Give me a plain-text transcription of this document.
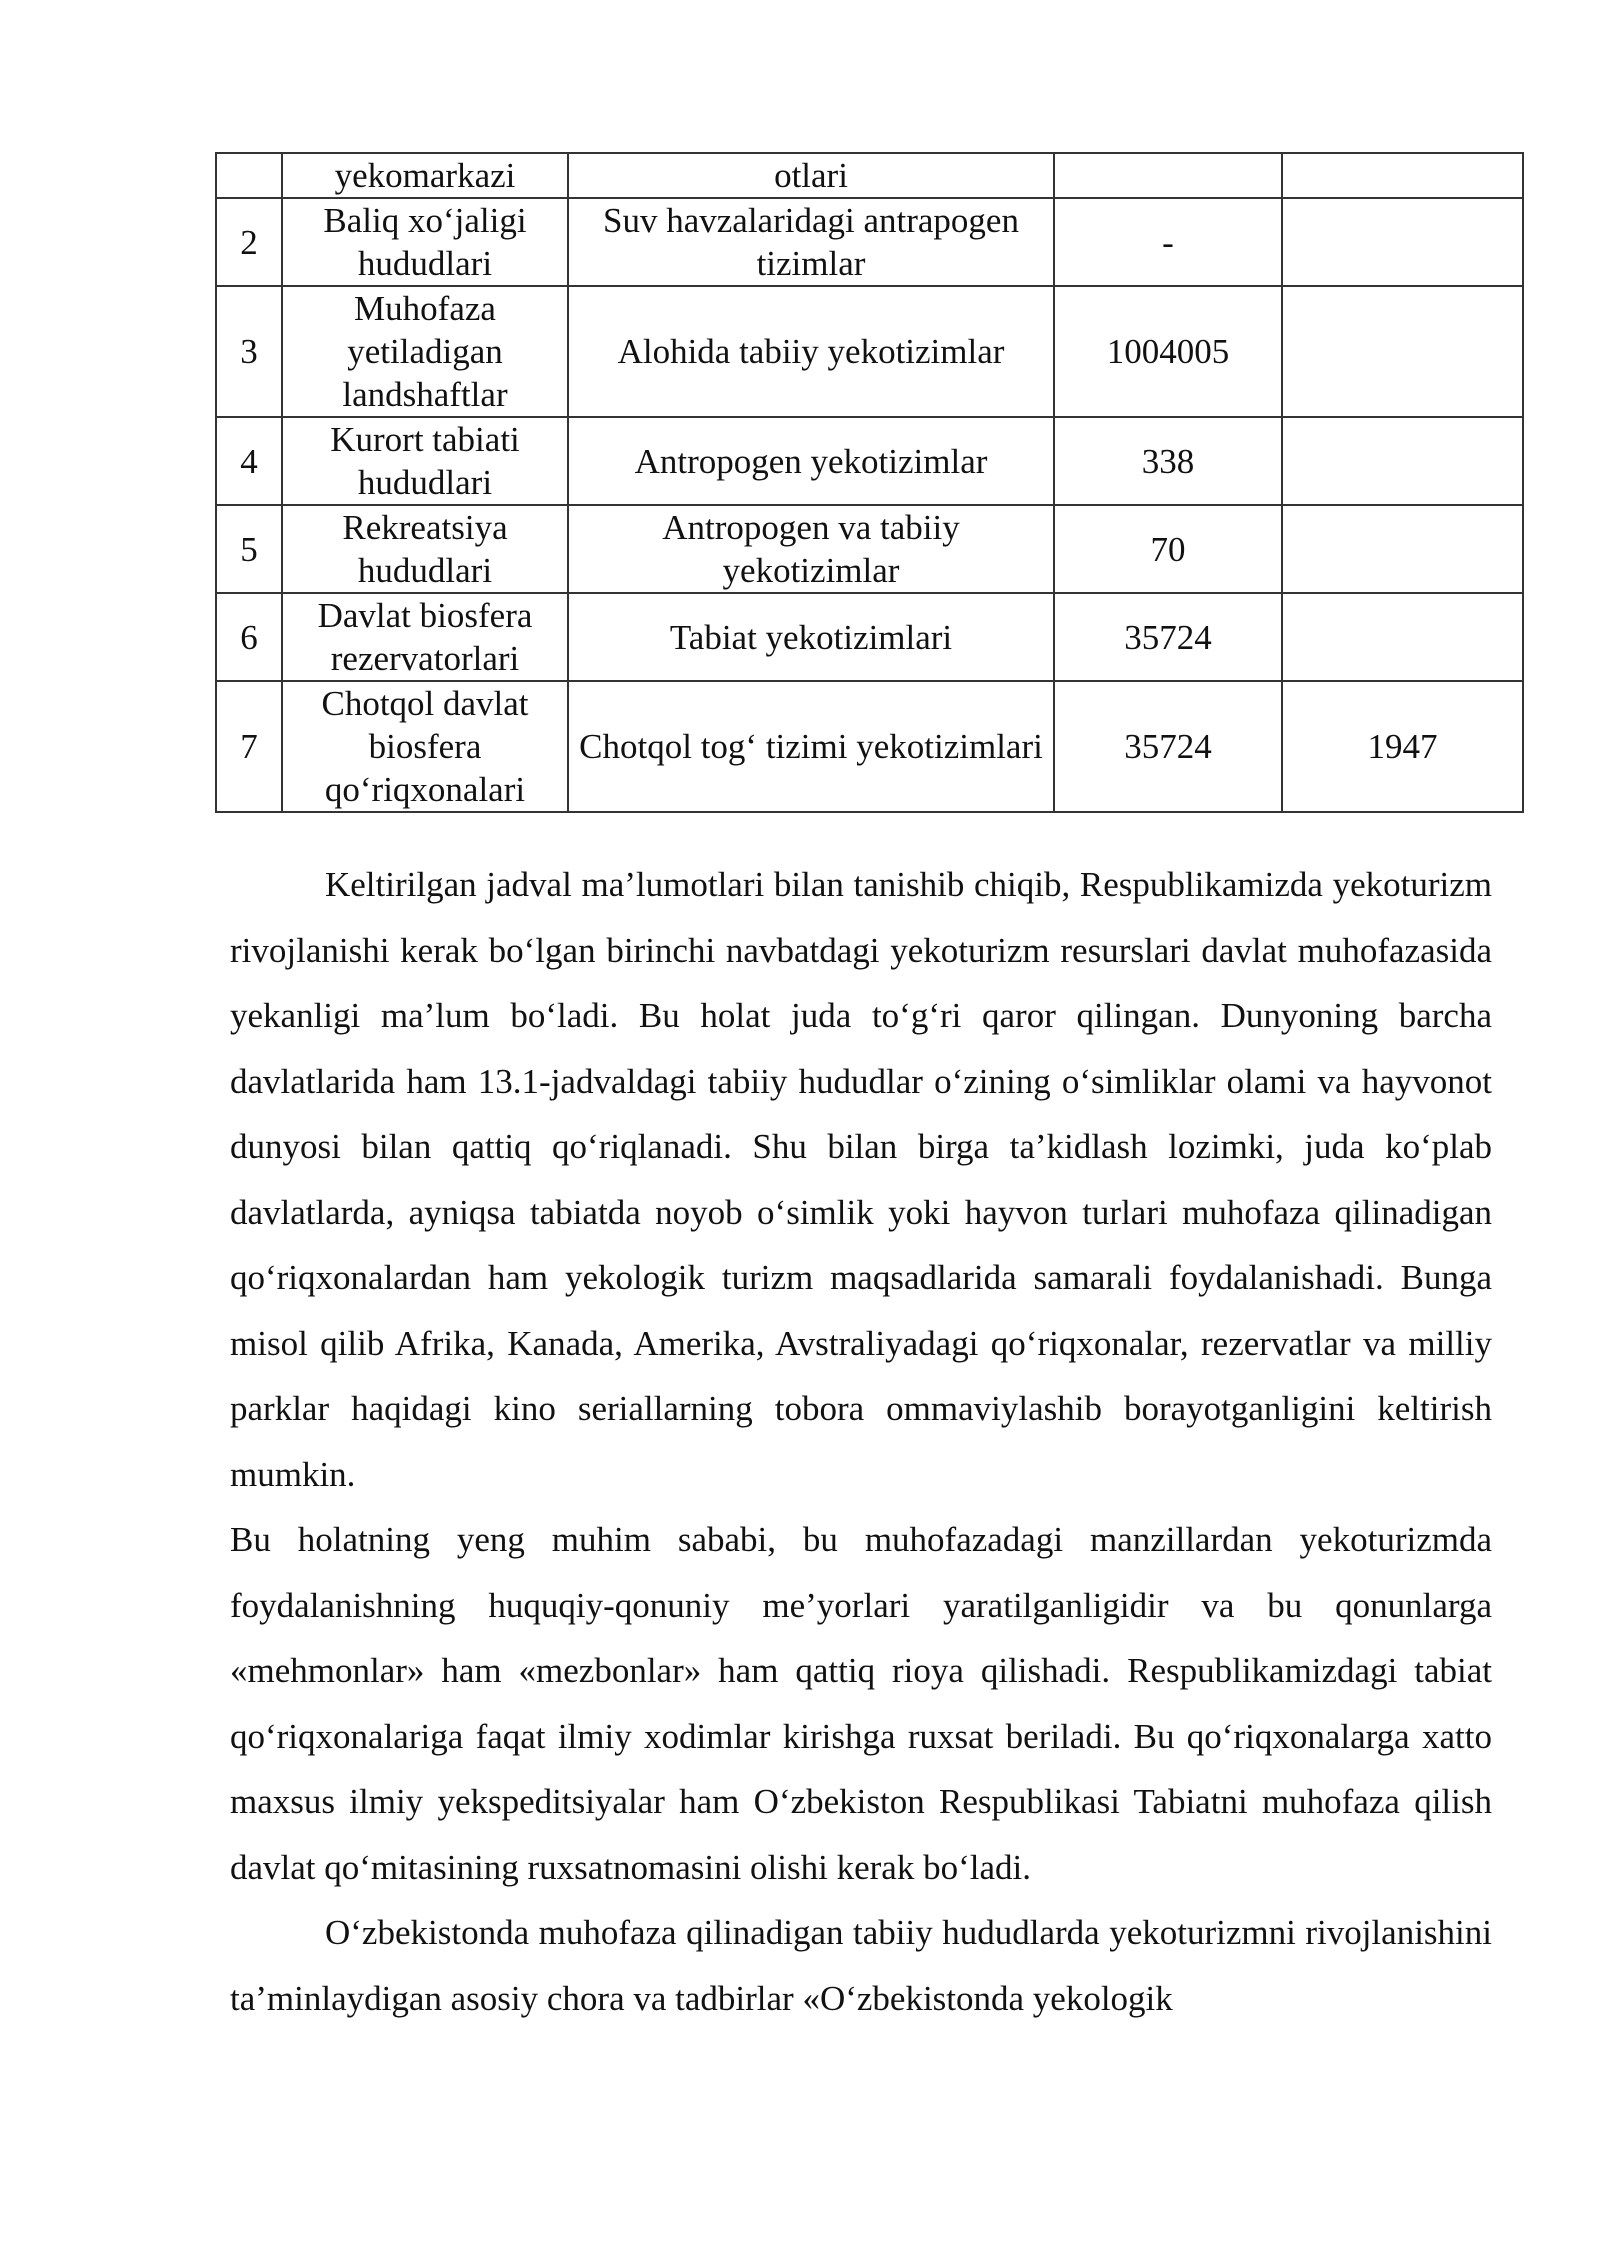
	yekomarkazi	otlari		
2	Baliq xo‘jaligi hududlari	Suv havzalaridagi antrapogen tizimlar	-	
3	Muhofaza yetiladigan landshaftlar	Alohida tabiiy yekotizimlar	1004005	
4	Kurort tabiati hududlari	Antropogen yekotizimlar	338	
5	Rekreatsiya hududlari	Antropogen va tabiiy yekotizimlar	70	
6	Davlat biosfera rezervatorlari	Tabiat yekotizimlari	35724	
7	Chotqol davlat biosfera qo‘riqxonalari	Chotqol tog‘ tizimi yekotizimlari	35724	1947

Keltirilgan jadval ma’lumotlari bilan tanishib chiqib, Respublikamizda yekoturizm rivojlanishi kerak bo‘lgan birinchi navbatdagi yekoturizm resurslari davlat muhofazasida yekanligi ma’lum bo‘ladi. Bu holat juda to‘g‘ri qaror qilingan. Dunyoning barcha davlatlarida ham 13.1-jadvaldagi tabiiy hududlar o‘zining o‘simliklar olami va hayvonot dunyosi bilan qattiq qo‘riqlanadi. Shu bilan birga ta’kidlash lozimki, juda ko‘plab davlatlarda, ayniqsa tabiatda noyob o‘simlik yoki hayvon turlari muhofaza qilinadigan qo‘riqxonalardan ham yekologik turizm maqsadlarida samarali foydalanishadi. Bunga misol qilib Afrika, Kanada, Amerika, Avstraliyadagi qo‘riqxonalar, rezervatlar va milliy parklar haqidagi kino seriallarning tobora ommaviylashib borayotganligini keltirish mumkin.

Bu holatning yeng muhim sababi, bu muhofazadagi manzillardan yekoturizmda foydalanishning huquqiy-qonuniy me’yorlari yaratilganligidir va bu qonunlarga «mehmonlar» ham «mezbonlar» ham qattiq rioya qilishadi. Respublikamizdagi tabiat qo‘riqxonalariga faqat ilmiy xodimlar kirishga ruxsat beriladi. Bu qo‘riqxonalarga xatto maxsus ilmiy yekspeditsiyalar ham O‘zbekiston Respublikasi Tabiatni muhofaza qilish davlat qo‘mitasining ruxsatnomasini olishi kerak bo‘ladi.

O‘zbekistonda muhofaza qilinadigan tabiiy hududlarda yekoturizmni rivojlanishini ta’minlaydigan asosiy chora va tadbirlar «O‘zbekistonda yekologik
